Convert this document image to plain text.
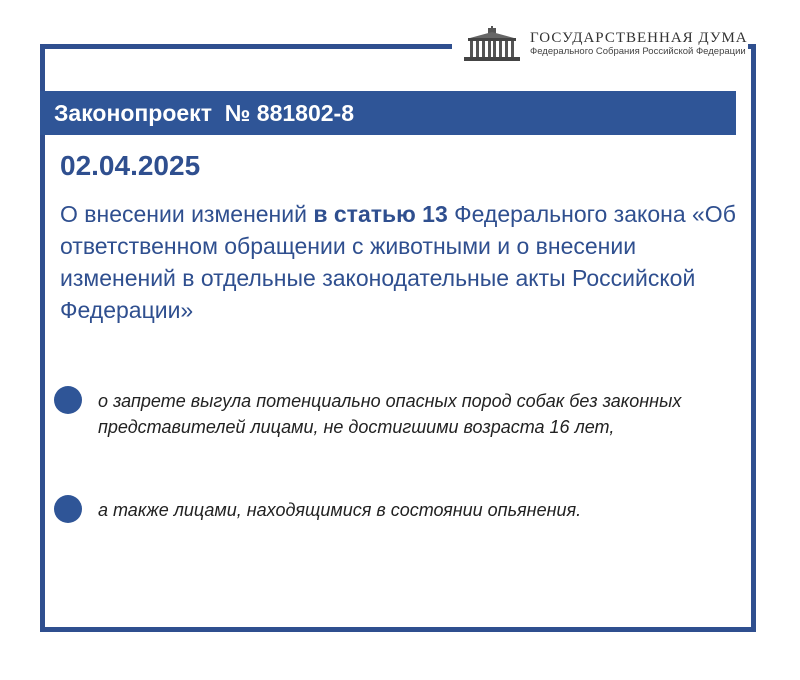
ГОСУДАРСТВЕННАЯ ДУМА
Федерального Собрания Российской Федерации
Законопроект № 881802-8
02.04.2025
О внесении изменений в статью 13 Федерального закона «Об ответственном обращении с животными и о внесении изменений в отдельные законодательные акты Российской Федерации»
о запрете выгула потенциально опасных пород собак без законных представителей лицами, не достигшими возраста 16 лет,
а также лицами, находящимися в состоянии опьянения.
